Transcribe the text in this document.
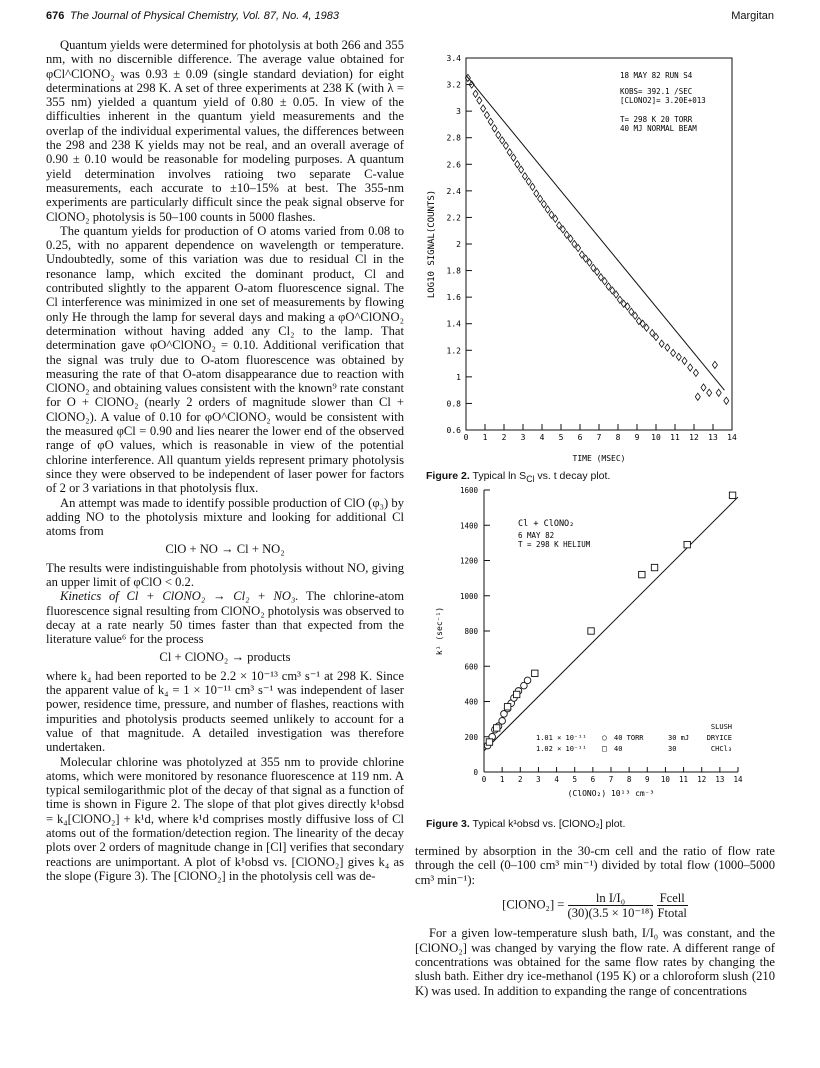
676 The Journal of Physical Chemistry, Vol. 87, No. 4, 1983	Margitan

Quantum yields were determined for photolysis at both 266 and 355 nm, with no discernible difference. The average value obtained for φCl^ClONO₂ was 0.93 ± 0.09 (single standard deviation) for eight determinations at 298 K. A set of three experiments at 238 K (with λ = 355 nm) yielded a quantum yield of 0.80 ± 0.05. In view of the difficulties inherent in the quantum yield measurements and the overlap of the individual experimental values, the differences between the 298 and 238 K yields may not be real, and an overall average of 0.90 ± 0.10 would be reasonable for modeling purposes. A quantum yield determination involves ratioing two separate C-value measurements, each accurate to ±10–15% at best. The 355-nm experiments are particularly difficult since the peak signal observe for ClONO₂ photolysis is 50–100 counts in 5000 flashes.

The quantum yields for production of O atoms varied from 0.08 to 0.25, with no apparent dependence on wavelength or temperature. Undoubtedly, some of this variation was due to residual Cl in the resonance lamp, which excited the dominant product, Cl and contributed slightly to the apparent O-atom fluorescence signal. The Cl interference was minimized in one set of measurements by flowing only He through the lamp for several days and making a φO^ClONO₂ determination without having added any Cl₂ to the lamp. That determination gave φO^ClONO₂ = 0.10. Additional verification that the signal was truly due to O-atom fluorescence was obtained by measuring the rate of that O-atom disappearance due to reaction with ClONO₂ and obtaining values consistent with the known⁹ rate constant for O + ClONO₂ (nearly 2 orders of magnitude slower than Cl + ClONO₂). A value of 0.10 for φO^ClONO₂ would be consistent with the measured φCl = 0.90 and lies nearer the lower end of the observed range of φO values, which is reasonable in view of the potential chlorine interference. All quantum yields represent primary photolysis since they were observed to be independent of laser power for factors of 2 or 3 variations in that photolysis flux.

An attempt was made to identify possible production of ClO (φ₃) by adding NO to the photolysis mixture and looking for additional Cl atoms from

ClO + NO → Cl + NO₂

The results were indistinguishable from photolysis without NO, giving an upper limit of φClO < 0.2.

Kinetics of Cl + ClONO₂ → Cl₂ + NO₃. The chlorine-atom fluorescence signal resulting from ClONO₂ photolysis was observed to decay at a rate nearly 50 times faster than that expected from the literature value⁶ for the process

Cl + ClONO₂ → products

where k₄ had been reported to be 2.2 × 10⁻¹³ cm³ s⁻¹ at 298 K. Since the apparent value of k₄ = 1 × 10⁻¹¹ cm³ s⁻¹ was independent of laser power, residence time, pressure, and number of flashes, reactions with impurities and photolysis products seemed unlikely to account for a value of that magnitude. A detailed investigation was therefore undertaken.

Molecular chlorine was photolyzed at 355 nm to provide chlorine atoms, which were monitored by resonance fluorescence at 119 nm. A typical semilogarithmic plot of the decay of that signal as a function of time is shown in Figure 2. The slope of that plot gives directly k¹obsd = k₄[ClONO₂] + k¹d, where k¹d comprises mostly diffusive loss of Cl atoms out of the formation/detection region. The linearity of the decay plots over 2 orders of magnitude change in [Cl] verifies that secondary reactions are unimportant. A plot of k¹obsd vs. [ClONO₂] gives k₄ as the slope (Figure 3). The [ClONO₂] in the photolysis cell was de-

3.4
3.2
3
2.8
2.6
2.4
2.2
2
1.8
1.6
1.4
1.2
1
0.8
0.6
0 1 2 3 4 5 6 7 8 9 10 11 12 13 14
TIME (MSEC)
LOG10 SIGNAL(COUNTS)
18 MAY 82 RUN S4
KOBS= 392.1 /SEC
[CLONO2]= 3.20E+013
T= 298 K 20 TORR
40 MJ NORMAL BEAM
Figure 2. Typical $\ln S_{Cl}$ vs. t decay plot.
0
200
400
600
800
1000
1200
1400
1600
0 1 2 3 4 5 6 7 8 9 10 11 12 13 14
(ClONO₂) 10¹³ cm⁻³
k¹ (sec⁻¹)
Cl + ClONO₂
6 MAY 82
T = 298 K HELIUM
SLUSH
1.01 × 10⁻¹¹ ○ 40 TORR	30 mJ	DRYICE
1.02 × 10⁻¹¹ □ 40	30	CHCl₃
Figure 3. Typical k¹obsd vs. [ClONO₂] plot.

termined by absorption in the 30-cm cell and the ratio of flow rate through the cell (0–100 cm³ min⁻¹) divided by total flow (1000–5000 cm³ min⁻¹):

[ClONO₂] = $\frac{\text{ln I/I₀}}{\text{(30)(3.5 × 10⁻¹⁸)}}$
$\frac{\text{Fcell}}{\text{Ftotal}}$

For a given low-temperature slush bath, I/I₀ was constant, and the [ClONO₂] was changed by varying the flow rate. A different range of concentrations was obtained for the same flow rates by changing the slush bath. Either dry ice-methanol (195 K) or a chloroform slush (210 K) was used. In addition to expanding the range of concentrations
